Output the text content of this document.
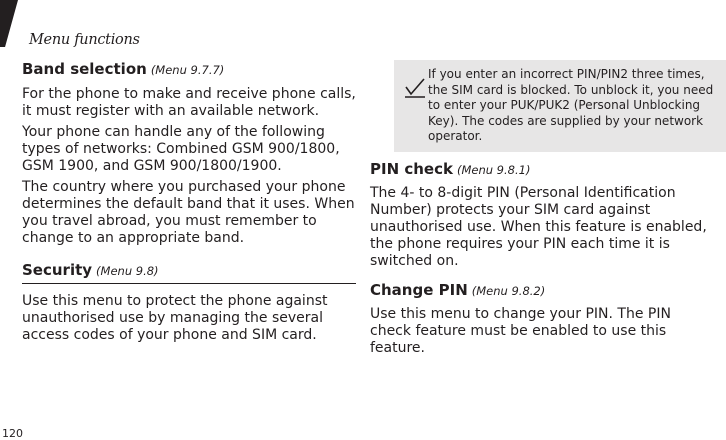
Menu functions
Band selection (Menu 9.7.7)

For the phone to make and receive phone calls, it must register with an available network.

Your phone can handle any of the following types of networks: Combined GSM 900/1800, GSM 1900, and GSM 900/1800/1900.

The country where you purchased your phone determines the default band that it uses. When you travel abroad, you must remember to change to an appropriate band.

Security (Menu 9.8)

Use this menu to protect the phone against unauthorised use by managing the several access codes of your phone and SIM card.

If you enter an incorrect PIN/PIN2 three times, the SIM card is blocked. To unblock it, you need to enter your PUK/PUK2 (Personal Unblocking Key). The codes are supplied by your network operator.

PIN check (Menu 9.8.1)

The 4- to 8-digit PIN (Personal Identification Number) protects your SIM card against unauthorised use. When this feature is enabled, the phone requires your PIN each time it is switched on.

Change PIN (Menu 9.8.2)

Use this menu to change your PIN. The PIN check feature must be enabled to use this feature.

120
